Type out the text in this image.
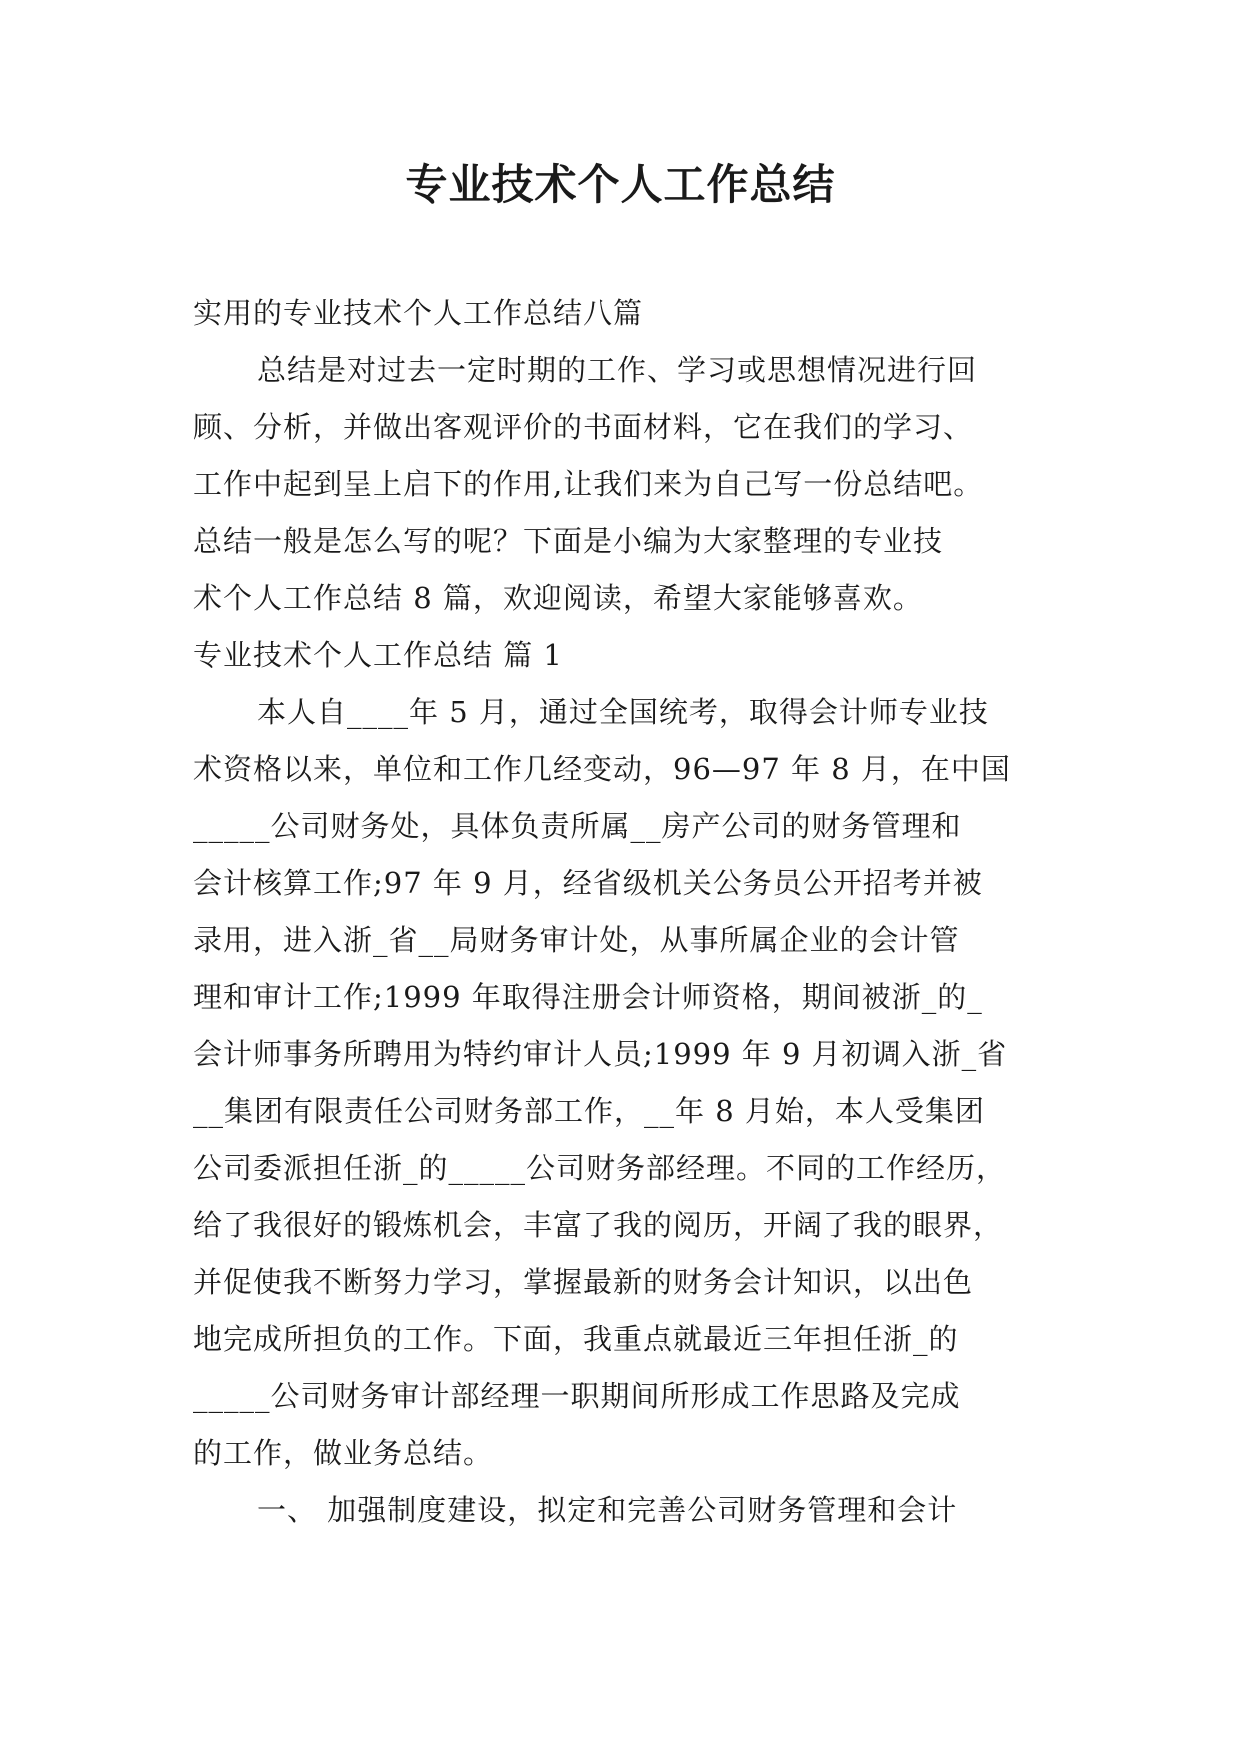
专业技术个人工作总结

实用的专业技术个人工作总结八篇

总结是对过去一定时期的工作、学习或思想情况进行回

顾、分析，并做出客观评价的书面材料，它在我们的学习、

工作中起到呈上启下的作用,让我们来为自己写一份总结吧。

总结一般是怎么写的呢？下面是小编为大家整理的专业技

术个人工作总结 8 篇，欢迎阅读，希望大家能够喜欢。

专业技术个人工作总结 篇 1

本人自____年 5 月，通过全国统考，取得会计师专业技

术资格以来，单位和工作几经变动，96—97 年 8 月，在中国

_____公司财务处，具体负责所属__房产公司的财务管理和

会计核算工作;97 年 9 月，经省级机关公务员公开招考并被

录用，进入浙_省__局财务审计处，从事所属企业的会计管

理和审计工作;1999 年取得注册会计师资格，期间被浙_的_

会计师事务所聘用为特约审计人员;1999 年 9 月初调入浙_省

__集团有限责任公司财务部工作，__年 8 月始，本人受集团

公司委派担任浙_的_____公司财务部经理。不同的工作经历，

给了我很好的锻炼机会，丰富了我的阅历，开阔了我的眼界，

并促使我不断努力学习，掌握最新的财务会计知识，以出色

地完成所担负的工作。下面，我重点就最近三年担任浙_的

_____公司财务审计部经理一职期间所形成工作思路及完成

的工作，做业务总结。

一、 加强制度建设，拟定和完善公司财务管理和会计
